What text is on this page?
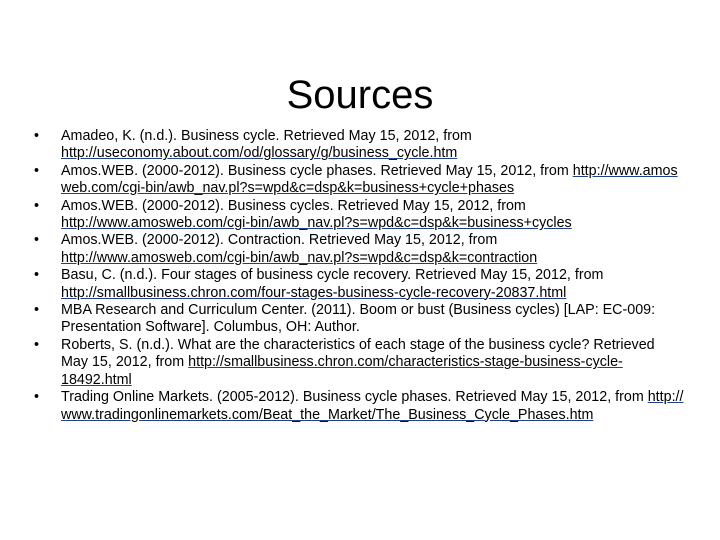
Sources
•	Amadeo, K. (n.d.). Business cycle. Retrieved May 15, 2012, from http://useconomy.about.com/od/glossary/g/business_cycle.htm
•	Amos.WEB. (2000-2012). Business cycle phases. Retrieved May 15, 2012, from http://www.amosweb.com/cgi-bin/awb_nav.pl?s=wpd&c=dsp&k=business+cycle+phases
•	Amos.WEB. (2000-2012). Business cycles. Retrieved May 15, 2012, from http://www.amosweb.com/cgi-bin/awb_nav.pl?s=wpd&c=dsp&k=business+cycles
•	Amos.WEB. (2000-2012). Contraction. Retrieved May 15, 2012, from http://www.amosweb.com/cgi-bin/awb_nav.pl?s=wpd&c=dsp&k=contraction
•	Basu, C. (n.d.). Four stages of business cycle recovery. Retrieved May 15, 2012, from http://smallbusiness.chron.com/four-stages-business-cycle-recovery-20837.html
•	MBA Research and Curriculum Center. (2011). Boom or bust (Business cycles) [LAP: EC-009: Presentation Software]. Columbus, OH: Author.
•	Roberts, S. (n.d.). What are the characteristics of each stage of the business cycle? Retrieved May 15, 2012, from http://smallbusiness.chron.com/characteristics-stage-business-cycle-18492.html
•	Trading Online Markets. (2005-2012). Business cycle phases. Retrieved May 15, 2012, from http://www.tradingonlinemarkets.com/Beat_the_Market/The_Business_Cycle_Phases.htm
